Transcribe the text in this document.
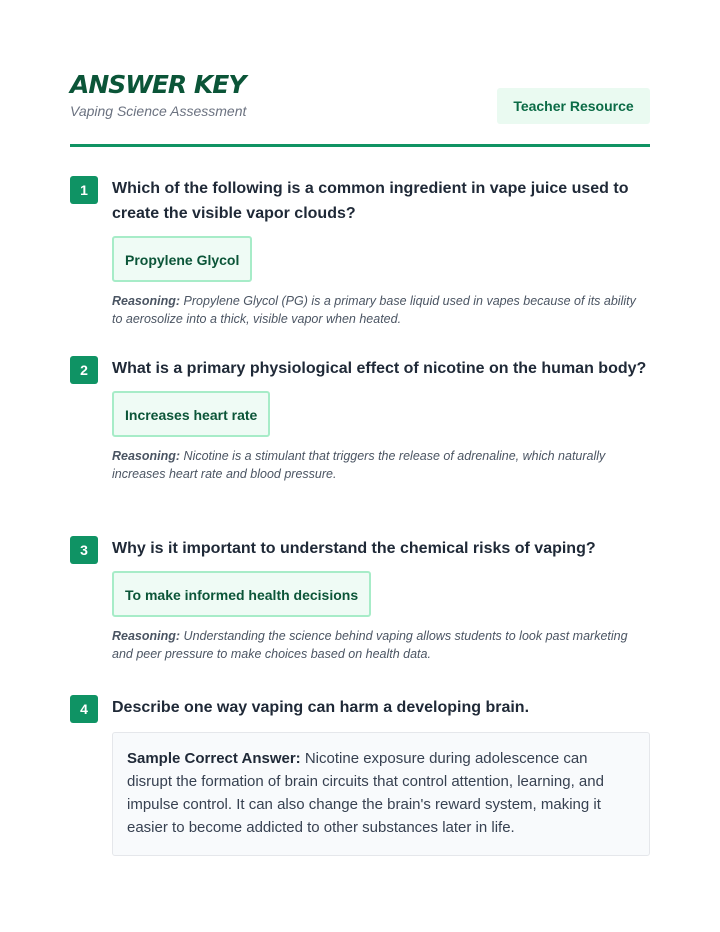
ANSWER KEY
Vaping Science Assessment	Teacher Resource
1	Which of the following is a common ingredient in vape juice used to create the visible vapor clouds?
Propylene Glycol
Reasoning: Propylene Glycol (PG) is a primary base liquid used in vapes because of its ability to aerosolize into a thick, visible vapor when heated.
2	What is a primary physiological effect of nicotine on the human body?
Increases heart rate
Reasoning: Nicotine is a stimulant that triggers the release of adrenaline, which naturally increases heart rate and blood pressure.
3	Why is it important to understand the chemical risks of vaping?
To make informed health decisions
Reasoning: Understanding the science behind vaping allows students to look past marketing and peer pressure to make choices based on health data.
4	Describe one way vaping can harm a developing brain.
Sample Correct Answer: Nicotine exposure during adolescence can disrupt the formation of brain circuits that control attention, learning, and impulse control. It can also change the brain's reward system, making it easier to become addicted to other substances later in life.
